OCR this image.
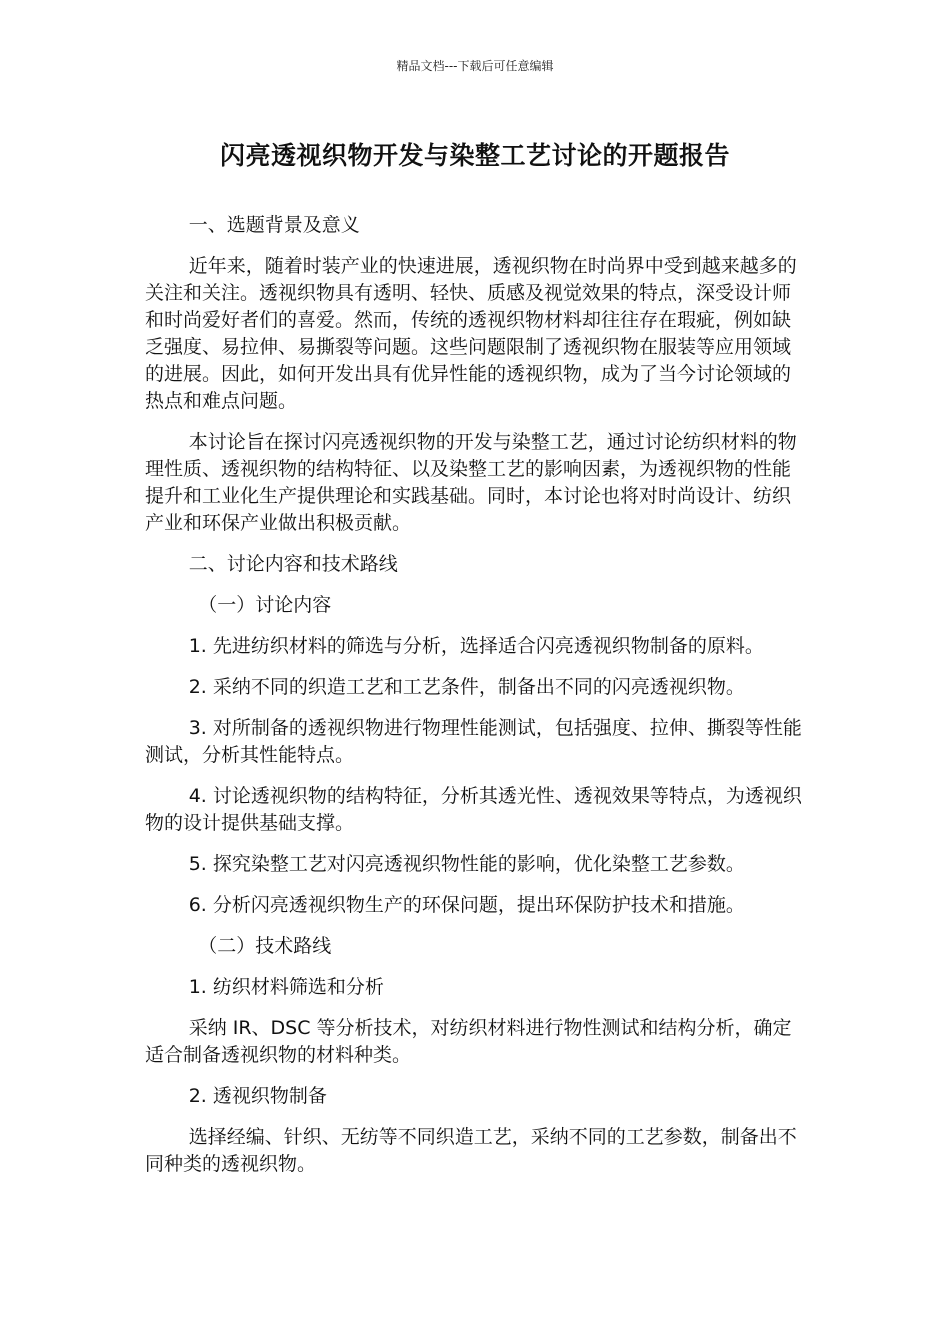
精品文档---下载后可任意编辑
闪亮透视织物开发与染整工艺讨论的开题报告

一、选题背景及意义

近年来，随着时装产业的快速进展，透视织物在时尚界中受到越来越多的关注和关注。透视织物具有透明、轻快、质感及视觉效果的特点，深受设计师和时尚爱好者们的喜爱。然而，传统的透视织物材料却往往存在瑕疵，例如缺乏强度、易拉伸、易撕裂等问题。这些问题限制了透视织物在服装等应用领域的进展。因此，如何开发出具有优异性能的透视织物，成为了当今讨论领域的热点和难点问题。

本讨论旨在探讨闪亮透视织物的开发与染整工艺，通过讨论纺织材料的物理性质、透视织物的结构特征、以及染整工艺的影响因素，为透视织物的性能提升和工业化生产提供理论和实践基础。同时，本讨论也将对时尚设计、纺织产业和环保产业做出积极贡献。

二、讨论内容和技术路线

（一）讨论内容

1. 先进纺织材料的筛选与分析，选择适合闪亮透视织物制备的原料。

2. 采纳不同的织造工艺和工艺条件，制备出不同的闪亮透视织物。

3. 对所制备的透视织物进行物理性能测试，包括强度、拉伸、撕裂等性能测试，分析其性能特点。

4. 讨论透视织物的结构特征，分析其透光性、透视效果等特点，为透视织物的设计提供基础支撑。

5. 探究染整工艺对闪亮透视织物性能的影响，优化染整工艺参数。

6. 分析闪亮透视织物生产的环保问题，提出环保防护技术和措施。

（二）技术路线

1. 纺织材料筛选和分析

采纳 IR、DSC 等分析技术，对纺织材料进行物性测试和结构分析，确定适合制备透视织物的材料种类。

2. 透视织物制备

选择经编、针织、无纺等不同织造工艺，采纳不同的工艺参数，制备出不同种类的透视织物。
